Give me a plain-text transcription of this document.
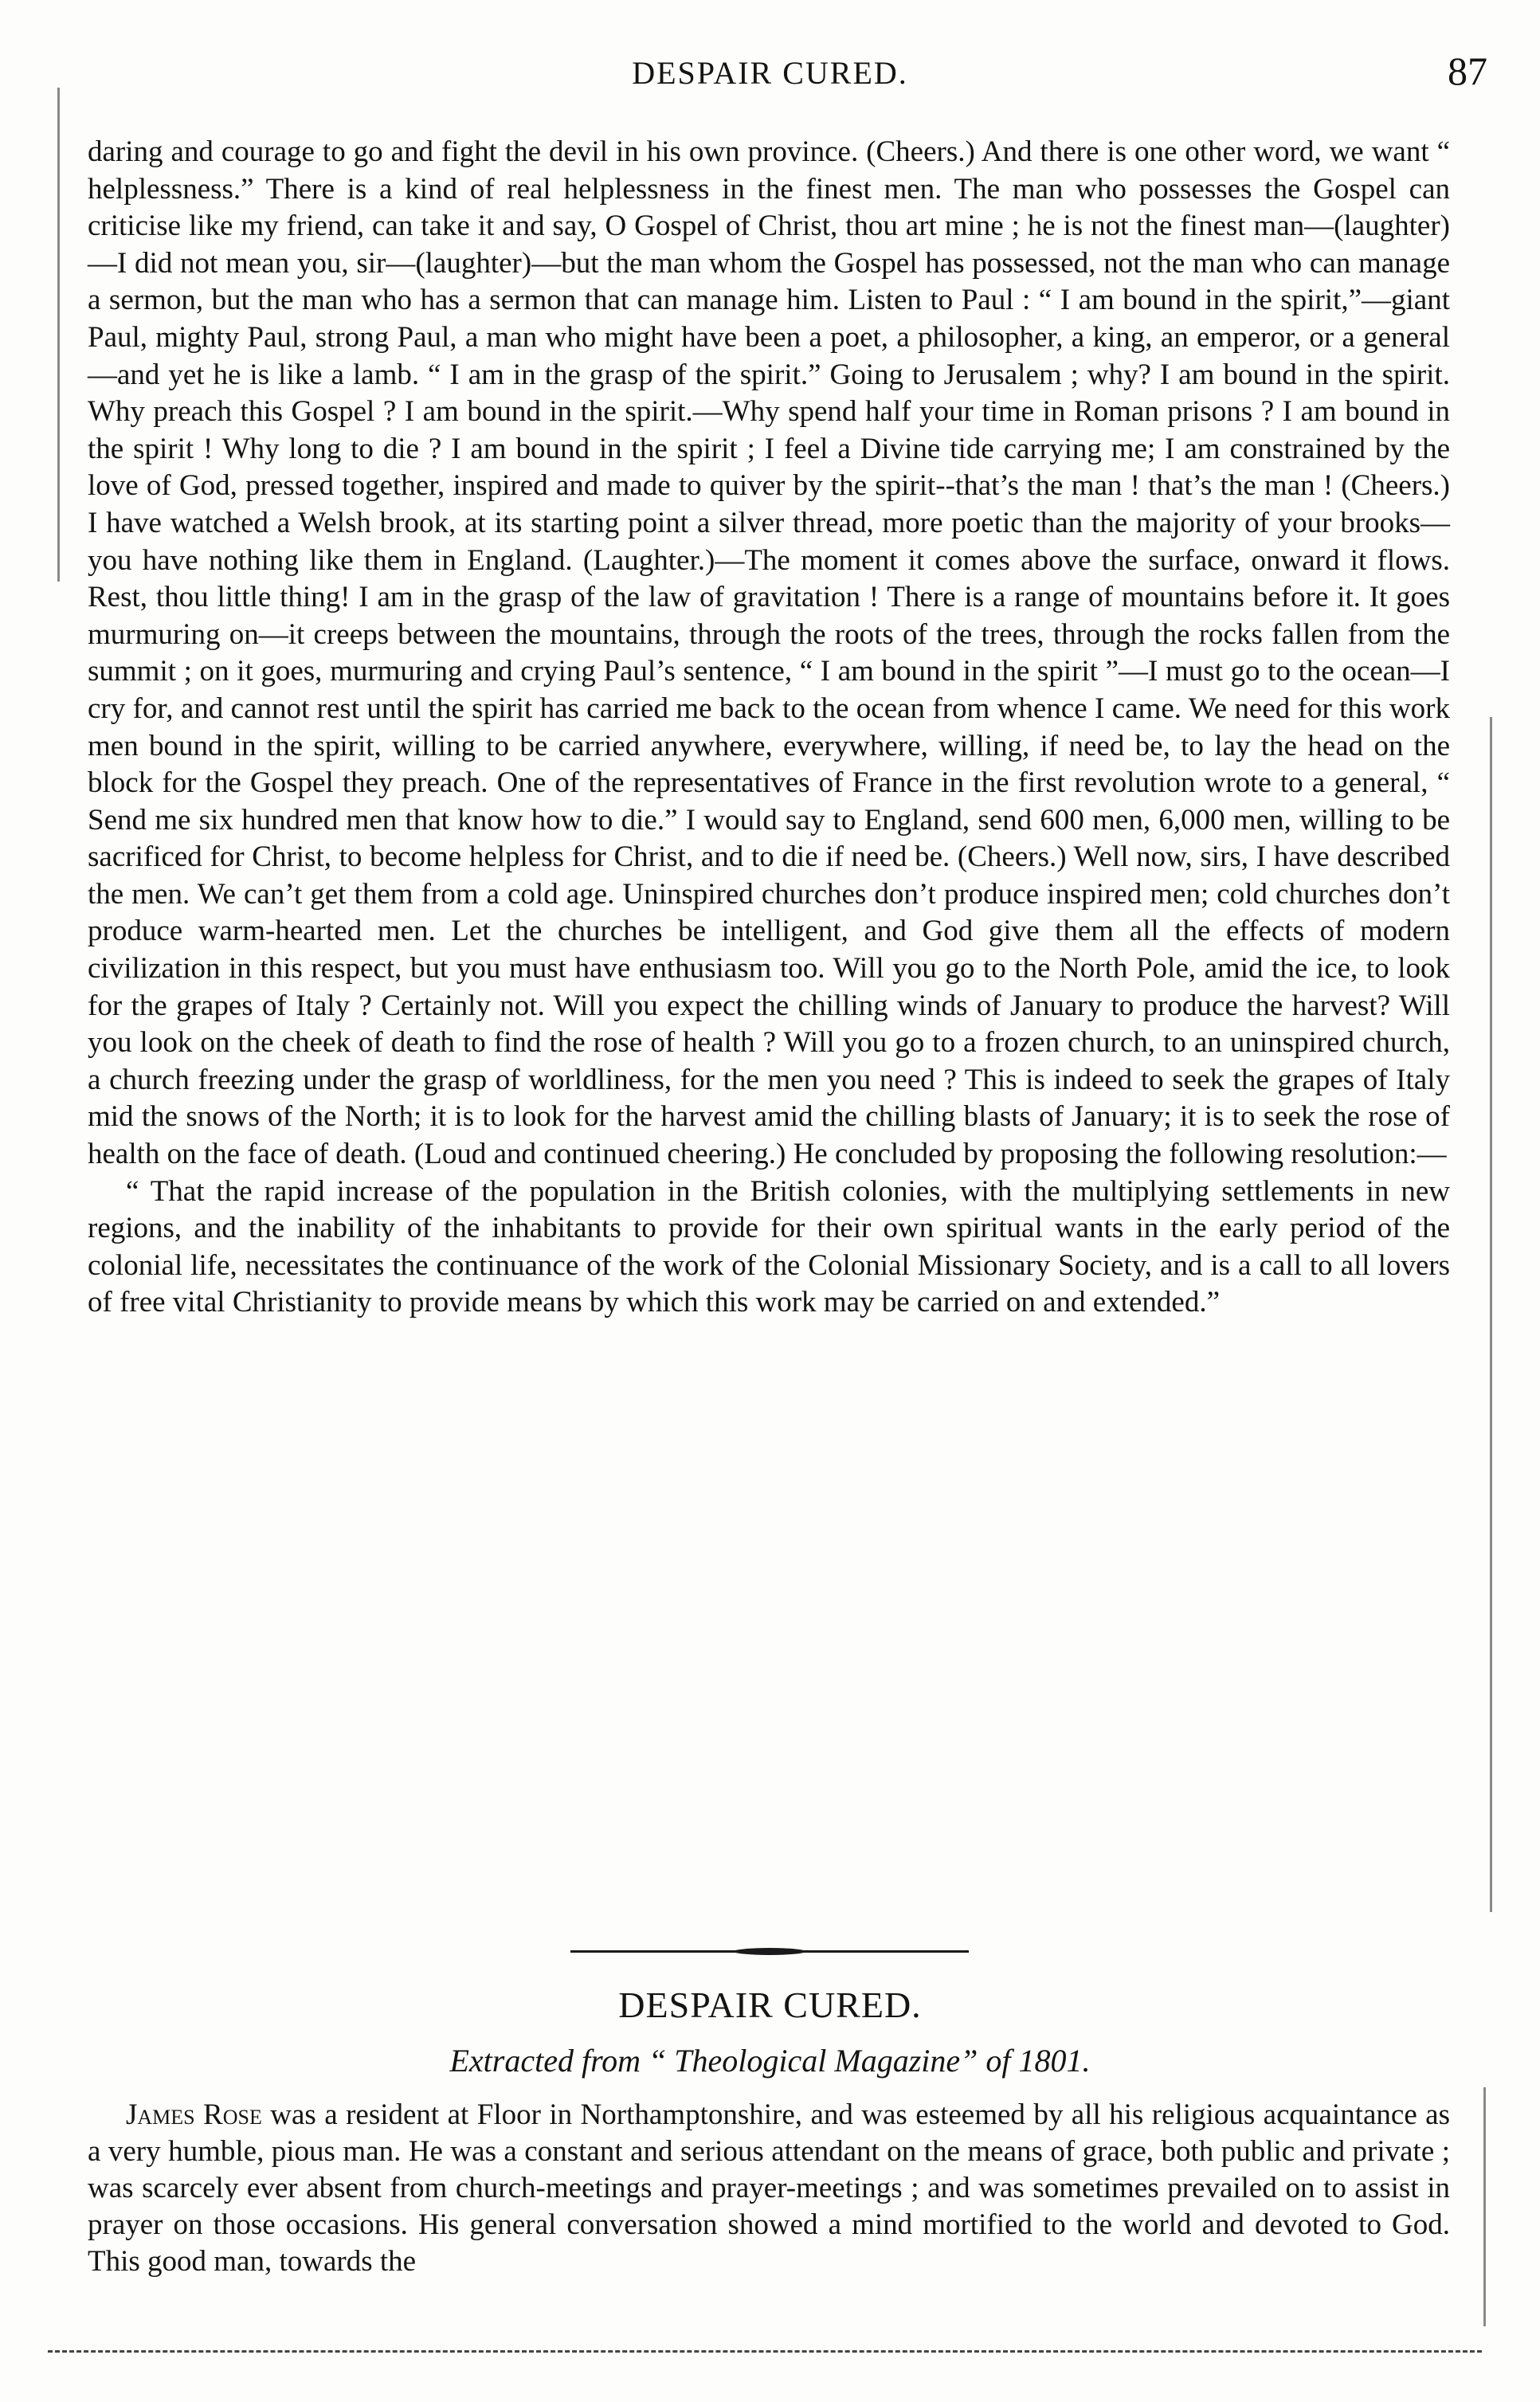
DESPAIR CURED.	87

daring and courage to go and fight the devil in his own province. (Cheers.) And there is one other word, we want “ helplessness.” There is a kind of real helplessness in the finest men. The man who possesses the Gospel can criticise like my friend, can take it and say, O Gospel of Christ, thou art mine ; he is not the finest man—(laughter)—I did not mean you, sir—(laughter)—but the man whom the Gospel has possessed, not the man who can manage a sermon, but the man who has a sermon that can manage him. Listen to Paul : “ I am bound in the spirit,”—giant Paul, mighty Paul, strong Paul, a man who might have been a poet, a philosopher, a king, an emperor, or a general—and yet he is like a lamb. “ I am in the grasp of the spirit.” Going to Jerusalem ; why? I am bound in the spirit. Why preach this Gospel ? I am bound in the spirit.—Why spend half your time in Roman prisons ? I am bound in the spirit ! Why long to die ? I am bound in the spirit ; I feel a Divine tide carrying me; I am constrained by the love of God, pressed together, inspired and made to quiver by the spirit--that’s the man ! that’s the man ! (Cheers.) I have watched a Welsh brook, at its starting point a silver thread, more poetic than the majority of your brooks—you have nothing like them in England. (Laughter.)—The moment it comes above the surface, onward it flows. Rest, thou little thing! I am in the grasp of the law of gravitation ! There is a range of mountains before it. It goes murmuring on—it creeps between the mountains, through the roots of the trees, through the rocks fallen from the summit ; on it goes, murmuring and crying Paul’s sentence, “ I am bound in the spirit ”—I must go to the ocean—I cry for, and cannot rest until the spirit has carried me back to the ocean from whence I came. We need for this work men bound in the spirit, willing to be carried anywhere, everywhere, willing, if need be, to lay the head on the block for the Gospel they preach. One of the representatives of France in the first revolution wrote to a general, “ Send me six hundred men that know how to die.” I would say to England, send 600 men, 6,000 men, willing to be sacrificed for Christ, to become helpless for Christ, and to die if need be. (Cheers.) Well now, sirs, I have described the men. We can’t get them from a cold age. Uninspired churches don’t produce inspired men; cold churches don’t produce warm-hearted men. Let the churches be intelligent, and God give them all the effects of modern civilization in this respect, but you must have enthusiasm too. Will you go to the North Pole, amid the ice, to look for the grapes of Italy ? Certainly not. Will you expect the chilling winds of January to produce the harvest? Will you look on the cheek of death to find the rose of health ? Will you go to a frozen church, to an uninspired church, a church freezing under the grasp of worldliness, for the men you need ? This is indeed to seek the grapes of Italy mid the snows of the North; it is to look for the harvest amid the chilling blasts of January; it is to seek the rose of health on the face of death. (Loud and continued cheering.) He concluded by proposing the following resolution:—

“ That the rapid increase of the population in the British colonies, with the multiplying settlements in new regions, and the inability of the inhabitants to provide for their own spiritual wants in the early period of the colonial life, necessitates the continuance of the work of the Colonial Missionary Society, and is a call to all lovers of free vital Christianity to provide means by which this work may be carried on and extended.”

DESPAIR CURED.
Extracted from “ Theological Magazine” of 1801.

James Rose was a resident at Floor in Northamptonshire, and was esteemed by all his religious acquaintance as a very humble, pious man. He was a constant and serious attendant on the means of grace, both public and private ; was scarcely ever absent from church-meetings and prayer-meetings ; and was sometimes prevailed on to assist in prayer on those occasions. His general conversation showed a mind mortified to the world and devoted to God. This good man, towards the
